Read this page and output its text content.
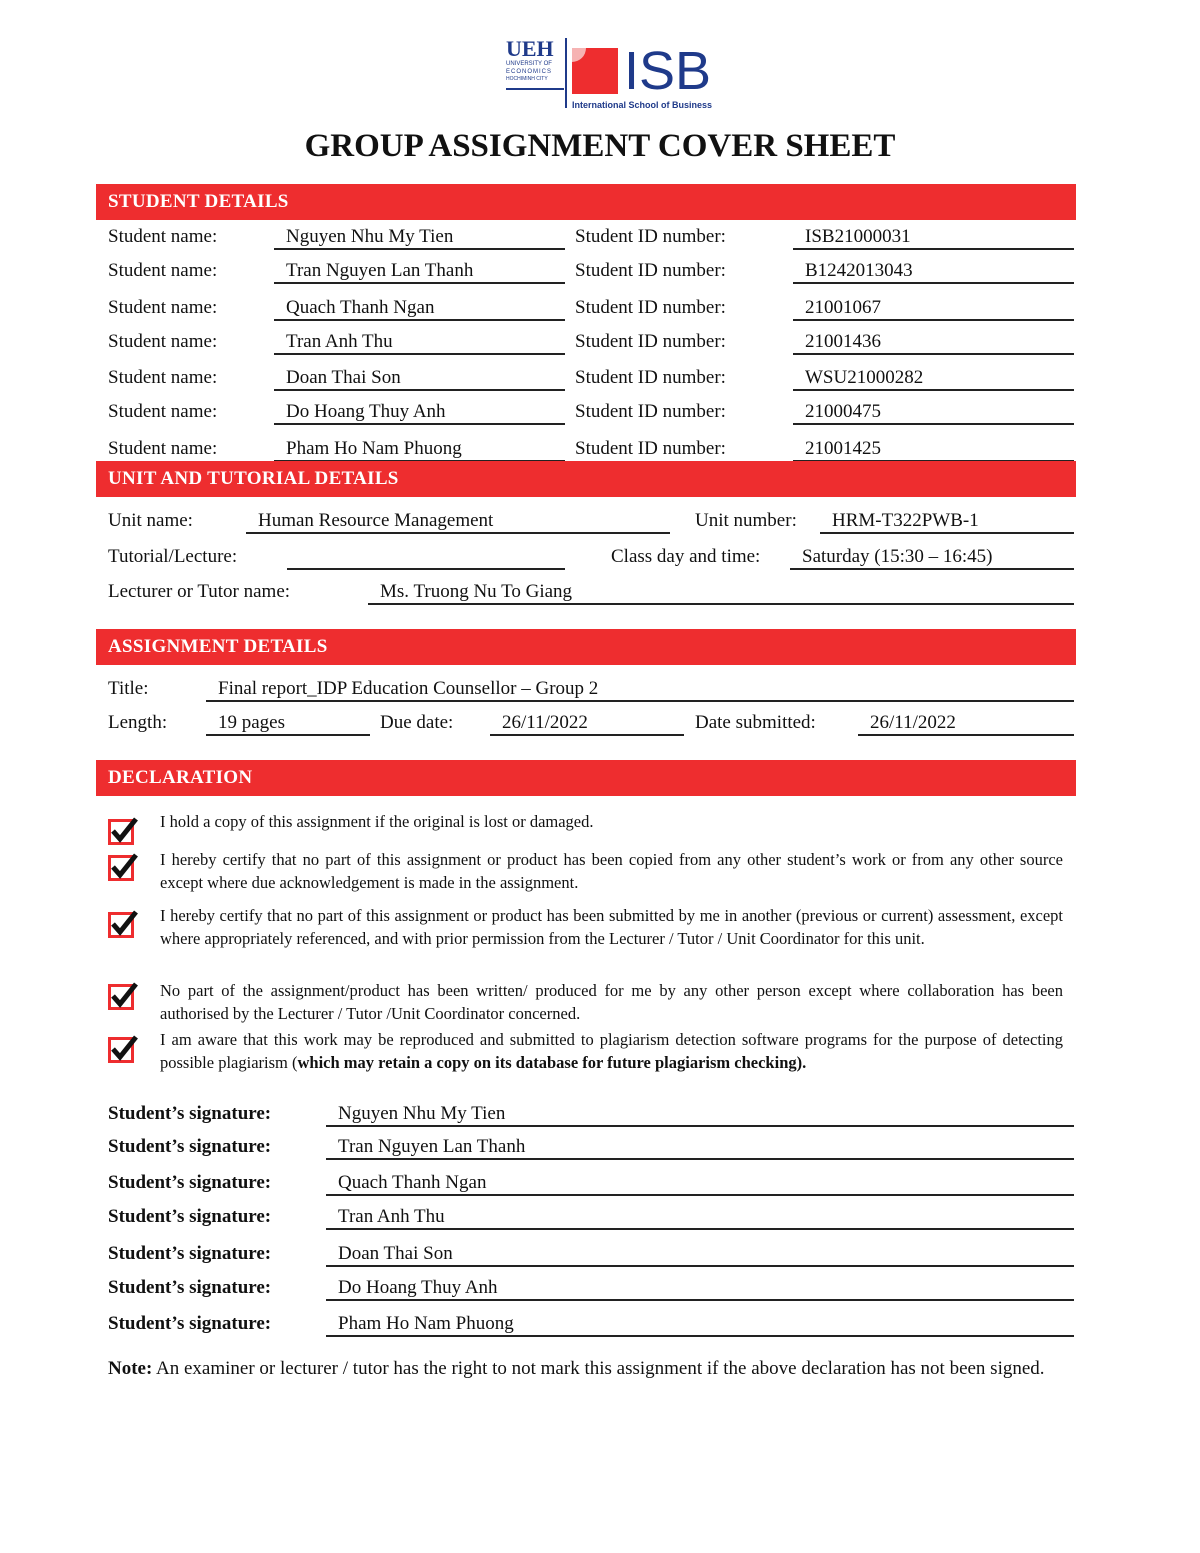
UEH
UNIVERSITY OF
ECONOMICS
HOCHIMINH CITY	ISB
International School of Business
GROUP ASSIGNMENT COVER SHEET
STUDENT DETAILS
Student name:	Nguyen Nhu My Tien	Student ID number:	ISB21000031
Student name:	Tran Nguyen Lan Thanh	Student ID number:	B1242013043
Student name:	Quach Thanh Ngan	Student ID number:	21001067
Student name:	Tran Anh Thu	Student ID number:	21001436
Student name:	Doan Thai Son	Student ID number:	WSU21000282
Student name:	Do Hoang Thuy Anh	Student ID number:	21000475
Student name:	Pham Ho Nam Phuong	Student ID number:	21001425
UNIT AND TUTORIAL DETAILS
Unit name:	Human Resource Management	Unit number:	HRM-T322PWB-1
Tutorial/Lecture:	Class day and time:	Saturday (15:30 – 16:45)
Lecturer or Tutor name:	Ms. Truong Nu To Giang
ASSIGNMENT DETAILS
Title:	Final report_IDP Education Counsellor – Group 2
Length:	19 pages	Due date:	26/11/2022	Date submitted:	26/11/2022
DECLARATION
I hold a copy of this assignment if the original is lost or damaged.
I hereby certify that no part of this assignment or product has been copied from any other student’s work or from any other source except where due acknowledgement is made in the assignment.
I hereby certify that no part of this assignment or product has been submitted by me in another (previous or current) assessment, except where appropriately referenced, and with prior permission from the Lecturer / Tutor / Unit Coordinator for this unit.
No part of the assignment/product has been written/ produced for me by any other person except where collaboration has been authorised by the Lecturer / Tutor /Unit Coordinator concerned.
I am aware that this work may be reproduced and submitted to plagiarism detection software programs for the purpose of detecting possible plagiarism (which may retain a copy on its database for future plagiarism checking).
Student’s signature:	Nguyen Nhu My Tien
Student’s signature:	Tran Nguyen Lan Thanh
Student’s signature:	Quach Thanh Ngan
Student’s signature:	Tran Anh Thu
Student’s signature:	Doan Thai Son
Student’s signature:	Do Hoang Thuy Anh
Student’s signature:	Pham Ho Nam Phuong
Note: An examiner or lecturer / tutor has the right to not mark this assignment if the above declaration has not been signed.
